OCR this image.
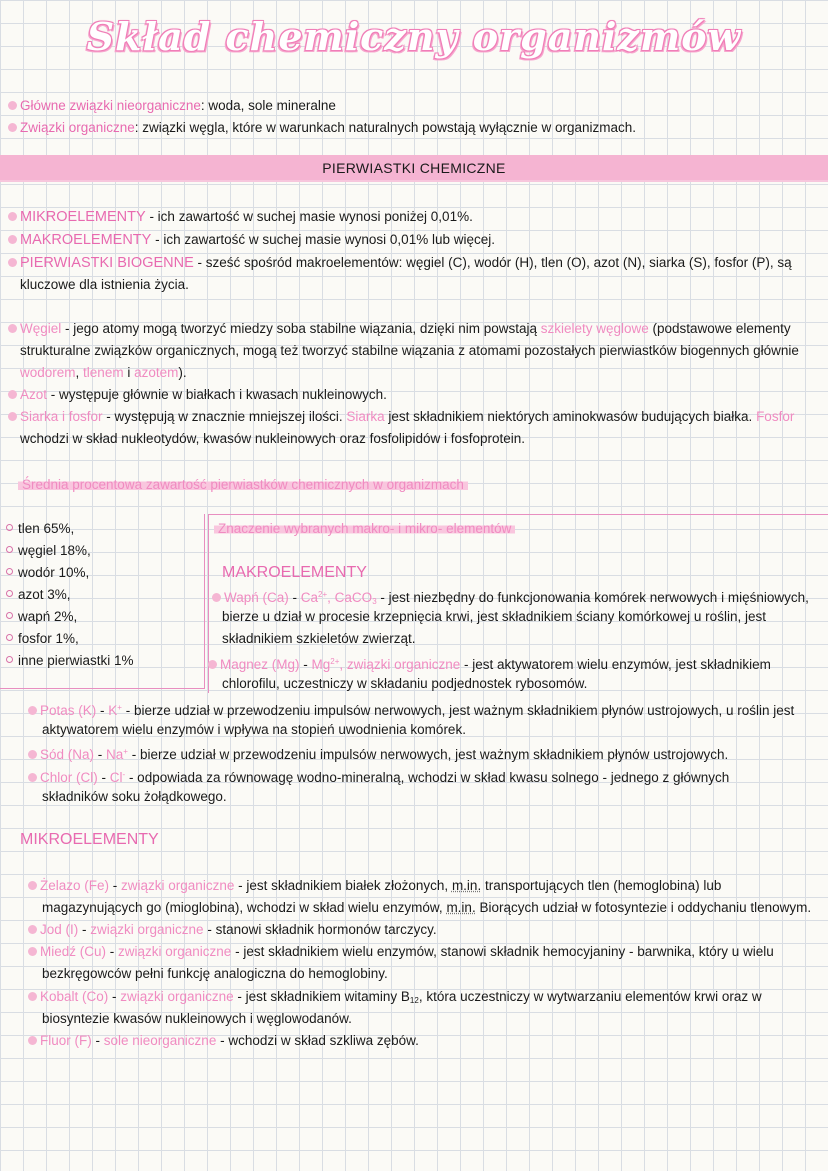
Skład chemiczny organizmów
Główne związki nieorganiczne: woda, sole mineralne
Związki organiczne: związki węgla, które w warunkach naturalnych powstają wyłącznie w organizmach.
PIERWIASTKI CHEMICZNE
MIKROELEMENTY - ich zawartość w suchej masie wynosi poniżej 0,01%.
MAKROELEMENTY - ich zawartość w suchej masie wynosi 0,01% lub więcej.
PIERWIASTKI BIOGENNE - sześć spośród makroelementów: węgiel (C), wodór (H), tlen (O), azot (N), siarka (S), fosfor (P), są
kluczowe dla istnienia życia.
Węgiel - jego atomy mogą tworzyć miedzy soba stabilne wiązania, dzięki nim powstają szkielety węglowe (podstawowe elementy
strukturalne związków organicznych, mogą też tworzyć stabilne wiązania z atomami pozostałych pierwiastków biogennych głównie
wodorem, tlenem i azotem).
Azot - występuje głównie w białkach i kwasach nukleinowych.
Siarka i fosfor - występują w znacznie mniejszej ilości. Siarka jest składnikiem niektórych aminokwasów budujących białka. Fosfor
wchodzi w skład nukleotydów, kwasów nukleinowych oraz fosfolipidów i fosfoprotein.
Średnia procentowa zawartość pierwiastków chemicznych w organizmach
tlen 65%,
węgiel 18%,
wodór 10%,
azot 3%,
wapń 2%,
fosfor 1%,
inne pierwiastki 1%
Znaczenie wybranych makro- i mikro- elementów
MAKROELEMENTY
Wapń $(Ca) - Ca^{2+}$, CaCO$_3$ - jest niezbędny do funkcjonowania komórek nerwowych i mięśniowych,
bierze u dział w procesie krzepnięcia krwi, jest składnikiem ściany komórkowej u roślin, jest
składnikiem szkieletów zwierząt.
Magnez $(Mg) - Mg^{2+}$, związki organiczne - jest aktywatorem wielu enzymów, jest składnikiem
chlorofilu, uczestniczy w składaniu podjednostek rybosomów.
Potas (K) - K+ - bierze udział w przewodzeniu impulsów nerwowych, jest ważnym składnikiem płynów ustrojowych, u roślin jest
aktywatorem wielu enzymów i wpływa na stopień uwodnienia komórek.
Sód (Na) - Na+ - bierze udział w przewodzeniu impulsów nerwowych, jest ważnym składnikiem płynów ustrojowych.
Chlor (Cl) - Cl- - odpowiada za równowagę wodno-mineralną, wchodzi w skład kwasu solnego - jednego z głównych
składników soku żołądkowego.
MIKROELEMENTY
Żelazo (Fe) - związki organiczne - jest składnikiem białek złożonych, m.in. transportujących tlen (hemoglobina) lub
magazynujących go (mioglobina), wchodzi w skład wielu enzymów, m.in. Biorących udział w fotosyntezie i oddychaniu tlenowym.
Jod (I) - związki organiczne - stanowi składnik hormonów tarczycy.
Miedź (Cu) - związki organiczne - jest składnikiem wielu enzymów, stanowi składnik hemocyjaniny - barwnika, który u wielu
bezkręgowców pełni funkcję analogiczna do hemoglobiny.
Kobalt (Co) - związki organiczne - jest składnikiem witaminy $B_{12}$, która uczestniczy w wytwarzaniu elementów krwi oraz w
biosyntezie kwasów nukleinowych i węglowodanów.
Fluor (F) - sole nieorganiczne - wchodzi w skład szkliwa zębów.
